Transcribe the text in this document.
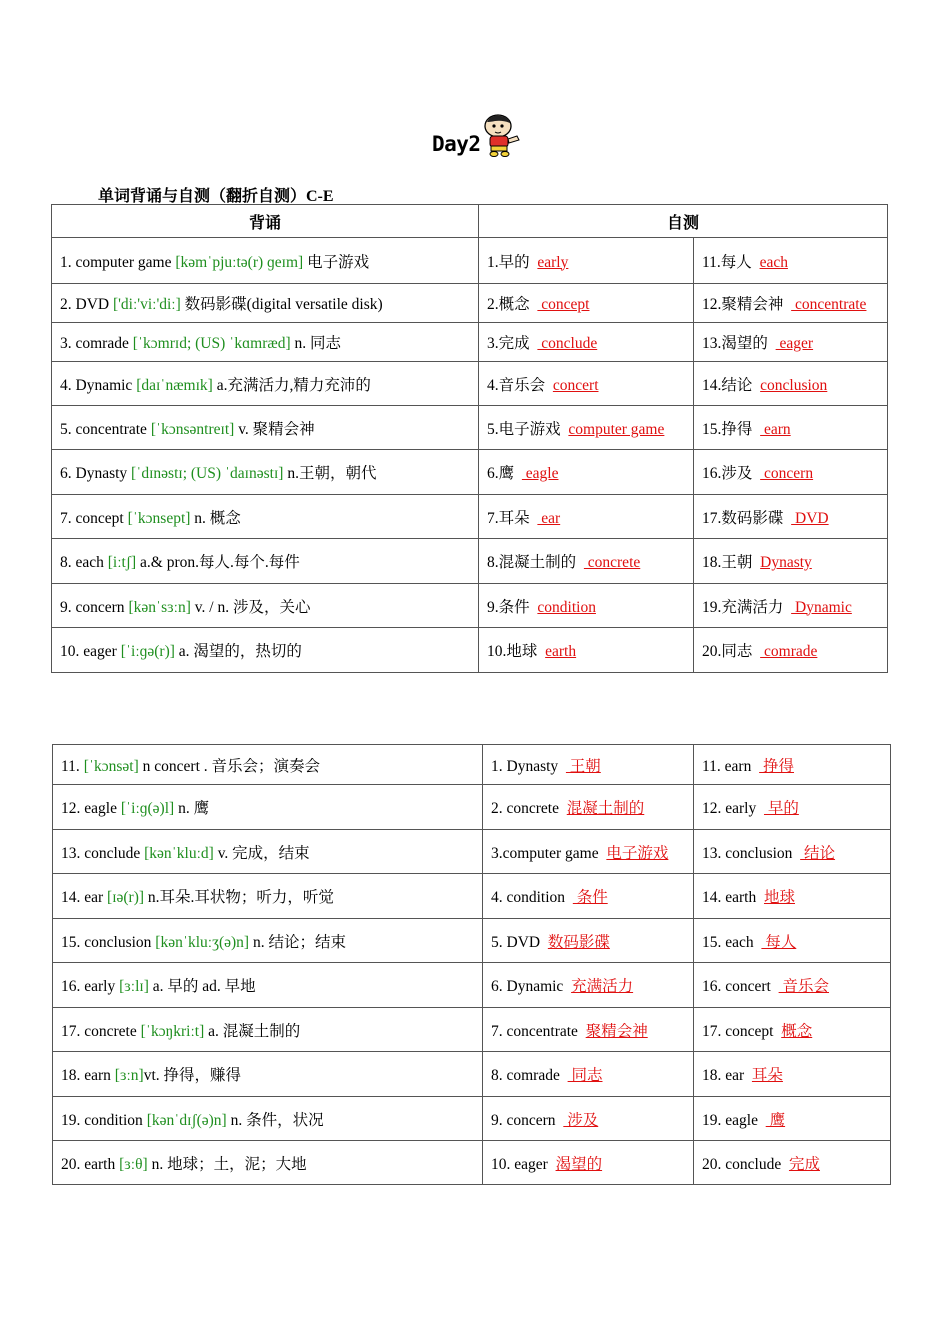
Day2
单词背诵与自测（翻折自测）C-E
背诵	自测	
1. computer game [kəmˈpjuːtə(r) ɡeɪm] 电子游戏	1.早的 early	11.每人 each
2. DVD ['diː'viː'diː] 数码影碟(digital versatile disk)	2.概念   concept	12.聚精会神   concentrate
3. comrade [ˈkɔmrɪd; (US) ˈkɑmræd] n. 同志	3.完成   conclude	13.渴望的   eager
4. Dynamic [daɪˈnæmɪk] a.充满活力,精力充沛的	4.音乐会 concert	14.结论 conclusion
5. concentrate [ˈkɔnsəntreɪt] v. 聚精会神	5.电子游戏 computer game	15.挣得   earn
6. Dynasty [ˈdɪnəstɪ; (US) ˈdaɪnəstɪ] n.王朝，朝代	6.鹰   eagle	16.涉及   concern
7. concept [ˈkɔnsept] n. 概念	7.耳朵   ear	17.数码影碟   DVD
8. each [iːtʃ] a.& pron.每人.每个.每件	8.混凝土制的   concrete	18.王朝 Dynasty
9. concern [kənˈsɜːn] v. / n. 涉及，关心	9.条件 condition	19.充满活力   Dynamic
10. eager [ˈiːɡə(r)] a. 渴望的，热切的	10.地球 earth	20.同志   comrade
11. [ˈkɔnsət] n concert . 音乐会；演奏会	1. Dynasty   王朝	11. earn   挣得
12. eagle [ˈiːɡ(ə)l] n. 鹰	2. concrete 混凝土制的	12. early   早的
13. conclude [kənˈkluːd] v. 完成，结束	3.computer game 电子游戏	13. conclusion   结论
14. ear [ɪə(r)] n.耳朵.耳状物；听力，听觉	4. condition   条件	14. earth 地球
15. conclusion [kənˈkluːʒ(ə)n] n. 结论；结束	5. DVD 数码影碟	15. each   每人
16. early [ɜːlɪ] a. 早的 ad. 早地	6. Dynamic 充满活力	16. concert   音乐会
17. concrete [ˈkɔŋkriːt] a. 混凝土制的	7. concentrate 聚精会神	17. concept 概念
18. earn [ɜːn]vt. 挣得，赚得	8. comrade   同志	18. ear 耳朵
19. condition [kənˈdɪʃ(ə)n] n. 条件，状况	9. concern   涉及	19. eagle   鹰
20. earth [ɜːθ] n. 地球；土，泥；大地	10. eager 渴望的	20. conclude 完成
